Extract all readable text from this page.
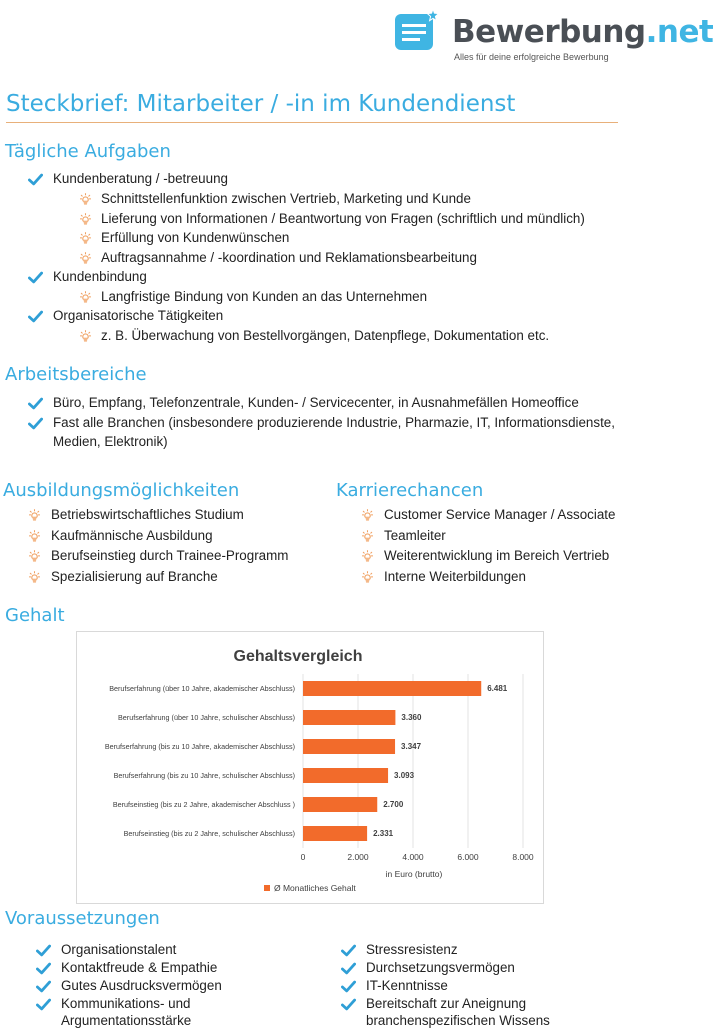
Bewerbung.net
Alles für deine erfolgreiche Bewerbung
Steckbrief: Mitarbeiter / -in im Kundendienst
Tägliche Aufgaben
Kundenberatung / -betreuung
Schnittstellenfunktion zwischen Vertrieb, Marketing und Kunde
Lieferung von Informationen / Beantwortung von Fragen (schriftlich und mündlich)
Erfüllung von Kundenwünschen
Auftragsannahme / -koordination und Reklamationsbearbeitung
Kundenbindung
Langfristige Bindung von Kunden an das Unternehmen
Organisatorische Tätigkeiten
z. B. Überwachung von Bestellvorgängen, Datenpflege, Dokumentation etc.
Arbeitsbereiche
Büro, Empfang, Telefonzentrale, Kunden- / Servicecenter, in Ausnahmefällen Homeoffice
Fast alle Branchen (insbesondere produzierende Industrie, Pharmazie, IT, Informationsdienste,
Medien, Elektronik)
Ausbildungsmöglichkeiten
Betriebswirtschaftliches Studium
Kaufmännische Ausbildung
Berufseinstieg durch Trainee-Programm
Spezialisierung auf Branche
Karrierechancen
Customer Service Manager / Associate
Teamleiter
Weiterentwicklung im Bereich Vertrieb
Interne Weiterbildungen
Gehalt
Gehaltsvergleich
Berufserfahrung (über 10 Jahre, akademischer Abschluss)	6.481
Berufserfahrung (über 10 Jahre, schulischer Abschluss)	3.360
Berufserfahrung (bis zu 10 Jahre, akademischer Abschluss)	3.347
Berufserfahrung (bis zu 10 Jahre, schulischer Abschluss)	3.093
Berufseinstieg (bis zu 2 Jahre, akademischer Abschluss )	2.700
Berufseinstieg (bis zu 2 Jahre, schulischer Abschluss)	2.331
0	2.000	4.000	6.000	8.000
in Euro (brutto)
Ø Monatliches Gehalt
Voraussetzungen
Organisationstalent
Kontaktfreude & Empathie
Gutes Ausdrucksvermögen
Kommunikations- und
Argumentationsstärke
Stressresistenz
Durchsetzungsvermögen
IT-Kenntnisse
Bereitschaft zur Aneignung
branchenspezifischen Wissens
